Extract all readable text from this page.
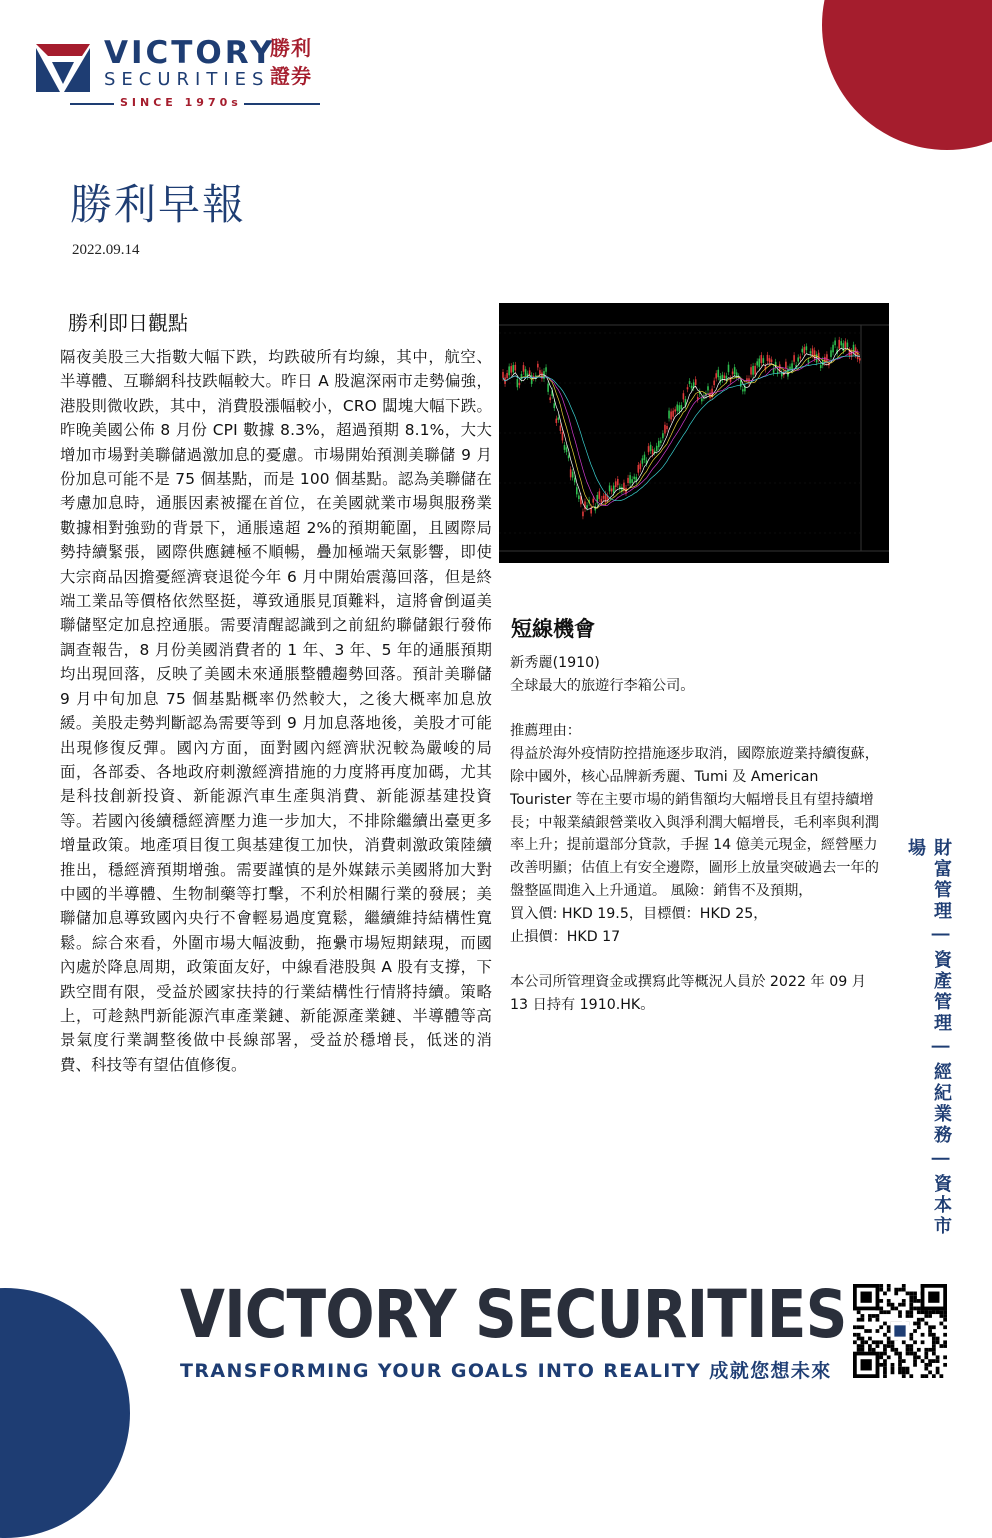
VICTORY
SECURITIES
勝利
證券
SINCE 1970s
勝利早報
2022.09.14
勝利即日觀點
隔夜美股三大指數大幅下跌，均跌破所有均線，其中，航空、半導體、互聯網科技跌幅較大。昨日 A 股滬深兩市走勢偏強，港股則微收跌，其中，消費股漲幅較小，CRO 闆塊大幅下跌。昨晚美國公佈 8 月份 CPI 數據 8.3%，超過預期 8.1%，大大增加市場對美聯儲過激加息的憂慮。市場開始預測美聯儲 9 月份加息可能不是 75 個基點，而是 100 個基點。認為美聯儲在考慮加息時，通脹因素被擺在首位，在美國就業市場與服務業數據相對強勁的背景下，通脹遠超 2%的預期範圍，且國際局勢持續緊張，國際供應鏈極不順暢，疊加極端天氣影響，即使大宗商品因擔憂經濟衰退從今年 6 月中開始震蕩回落，但是終端工業品等價格依然堅挺，導致通脹見頂難料，這將會倒逼美聯儲堅定加息控通脹。需要清醒認識到之前紐約聯儲銀行發佈調查報告，8 月份美國消費者的 1 年、3 年、5 年的通脹預期均出現回落，反映了美國未來通脹整體趨勢回落。預計美聯儲 9 月中旬加息 75 個基點概率仍然較大，之後大概率加息放緩。美股走勢判斷認為需要等到 9 月加息落地後，美股才可能出現修復反彈。國內方面，面對國內經濟狀況較為嚴峻的局面，各部委、各地政府刺激經濟措施的力度將再度加碼，尤其是科技創新投資、新能源汽車生產與消費、新能源基建投資等。若國內後續穩經濟壓力進一步加大，不排除繼續出臺更多增量政策。地產項目復工與基建復工加快，消費刺激政策陸續推出，穩經濟預期增強。需要謹慎的是外媒錶示美國將加大對中國的半導體、生物制藥等打擊，不利於相關行業的發展；美聯儲加息導致國內央行不會輕易過度寬鬆，繼續維持結構性寬鬆。綜合來看，外圍市場大幅波動，拖纍市場短期錶現，而國內處於降息周期，政策面友好，中線看港股與 A 股有支撐，下跌空間有限，受益於國家扶持的行業結構性行情將持續。策略上，可趁熱門新能源汽車產業鏈、新能源產業鏈、半導體等高景氣度行業調整後做中長線部署，受益於穩增長，低迷的消費、科技等有望估值修復。
短線機會

新秀麗(1910)

全球最大的旅遊行李箱公司。

推薦理由：

得益於海外疫情防控措施逐步取消，國際旅遊業持續復蘇，除中國外，核心品牌新秀麗、Tumi 及 American Tourister 等在主要市場的銷售額均大幅增長且有望持續增長；中報業績銀營業收入與淨利潤大幅增長，毛利率與利潤率上升；提前還部分貸款，手握 14 億美元現金，經營壓力改善明顯；估值上有安全邊際，圖形上放量突破過去一年的盤整區間進入上升通道。 風險：銷售不及預期，

買入價: HKD 19.5，目標價：HKD 25，

止損價：HKD 17

本公司所管理資金或撰寫此等概況人員於 2022 年 09 月 13 日持有 1910.HK。	財富管理 | 資產管理 | 經紀業務 | 資本市場
VICTORY SECURITIES
TRANSFORMING YOUR GOALS INTO REALITY 成就您想未來
